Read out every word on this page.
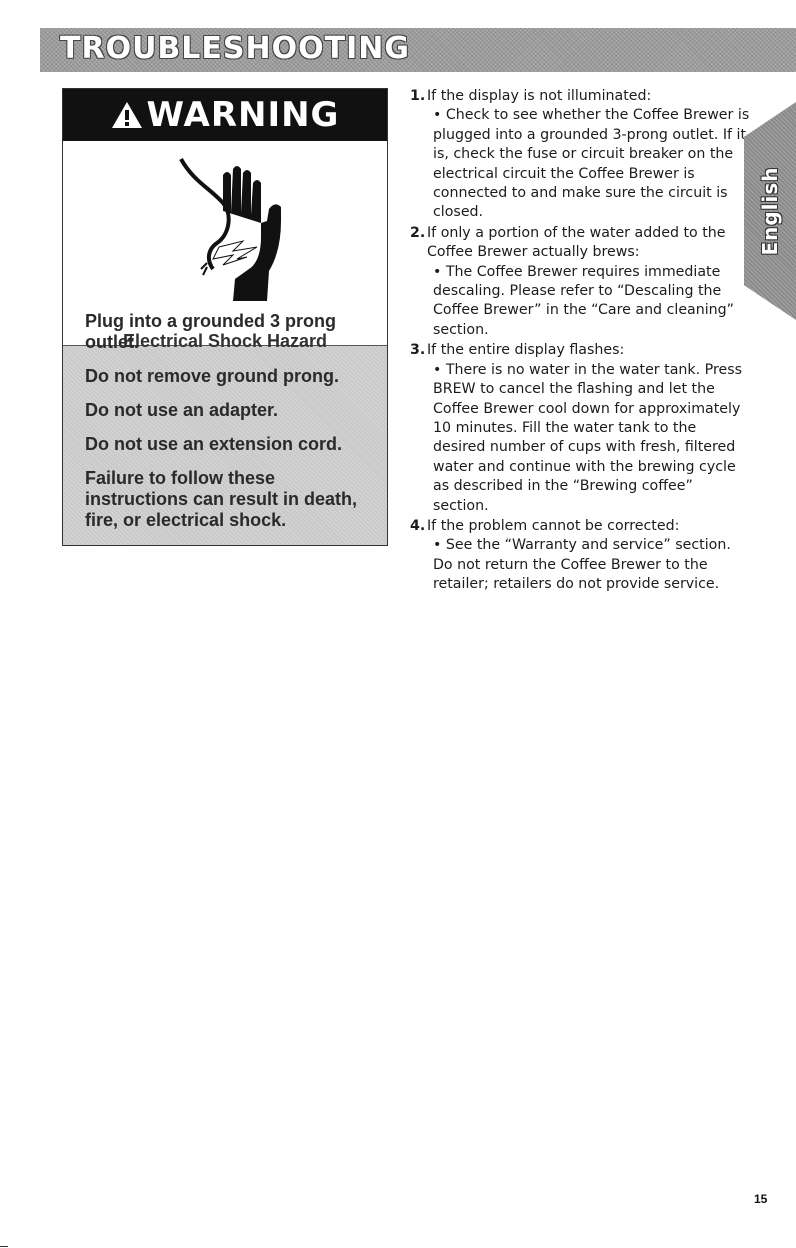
TROUBLESHOOTING
WARNING
Electrical Shock Hazard

Plug into a grounded 3 prong outlet.

Do not remove ground prong.

Do not use an adapter.

Do not use an extension cord.

Failure to follow these instructions can result in death, fire, or electrical shock.

1. If the display is not illuminated:
• Check to see whether the Coffee Brewer is plugged into a grounded 3-prong outlet. If it is, check the fuse or circuit breaker on the electrical circuit the Coffee Brewer is connected to and make sure the circuit is closed.
2. If only a portion of the water added to the Coffee Brewer actually brews:
• The Coffee Brewer requires immediate descaling. Please refer to “Descaling the Coffee Brewer” in the “Care and cleaning” section.
3. If the entire display flashes:
• There is no water in the water tank. Press BREW to cancel the flashing and let the Coffee Brewer cool down for approximately 10 minutes. Fill the water tank to the desired number of cups with fresh, filtered water and continue with the brewing cycle as described in the “Brewing coffee” section.
4. If the problem cannot be corrected:
• See the “Warranty and service” section. Do not return the Coffee Brewer to the retailer; retailers do not provide service.
English
15
